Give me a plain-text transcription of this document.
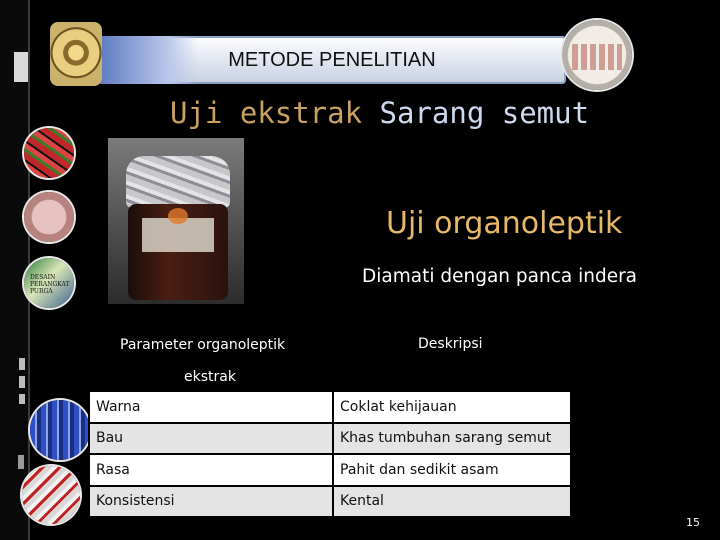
METODE PENELITIAN
DESAIN PERANGKAT PURGA
Uji ekstrak Sarang semut
Uji organoleptik
Diamati dengan panca indera
Parameter organoleptik
ekstrak	Deskripsi
Warna	Coklat kehijauan
Bau	Khas tumbuhan sarang semut
Rasa	Pahit dan sedikit asam
Konsistensi	Kental
15
